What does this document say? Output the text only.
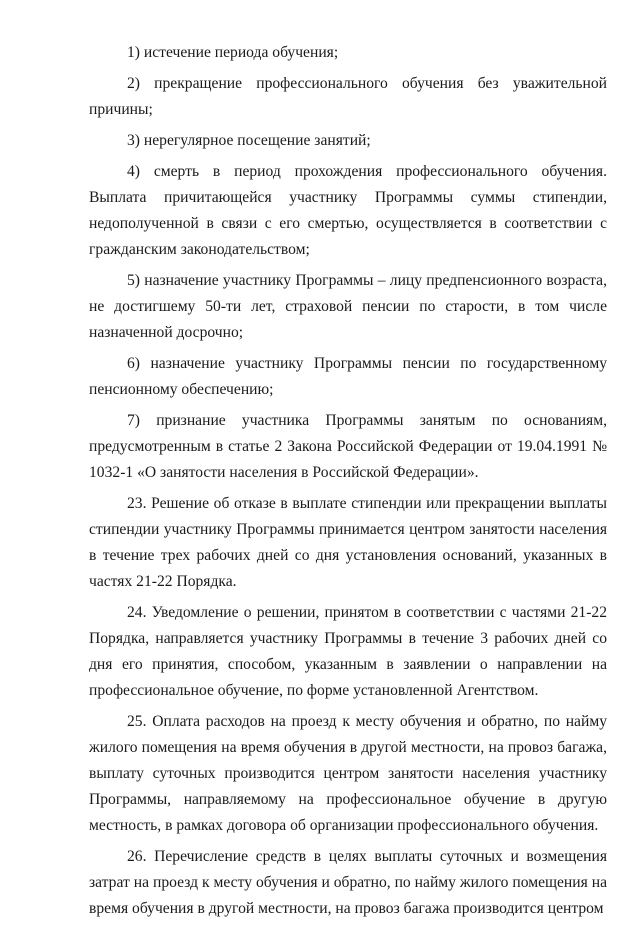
1) истечение периода обучения;

2) прекращение профессионального обучения без уважительной причины;

3) нерегулярное посещение занятий;

4) смерть в период прохождения профессионального обучения. Выплата причитающейся участнику Программы суммы стипендии, недополученной в связи с его смертью, осуществляется в соответствии с гражданским законодательством;

5) назначение участнику Программы – лицу предпенсионного возраста, не достигшему 50-ти лет, страховой пенсии по старости, в том числе назначенной досрочно;

6) назначение участнику Программы пенсии по государственному пенсионному обеспечению;

7) признание участника Программы занятым по основаниям, предусмотренным в статье 2 Закона Российской Федерации от 19.04.1991 № 1032-1 «О занятости населения в Российской Федерации».

23. Решение об отказе в выплате стипендии или прекращении выплаты стипендии участнику Программы принимается центром занятости населения в течение трех рабочих дней со дня установления оснований, указанных в частях 21-22 Порядка.

24. Уведомление о решении, принятом в соответствии с частями 21-22 Порядка, направляется участнику Программы в течение 3 рабочих дней со дня его принятия, способом, указанным в заявлении о направлении на профессиональное обучение, по форме установленной Агентством.

25. Оплата расходов на проезд к месту обучения и обратно, по найму жилого помещения на время обучения в другой местности, на провоз багажа, выплату суточных производится центром занятости населения участнику Программы, направляемому на профессиональное обучение в другую местность, в рамках договора об организации профессионального обучения.

26. Перечисление средств в целях выплаты суточных и возмещения затрат на проезд к месту обучения и обратно, по найму жилого помещения на время обучения в другой местности, на провоз багажа производится центром
